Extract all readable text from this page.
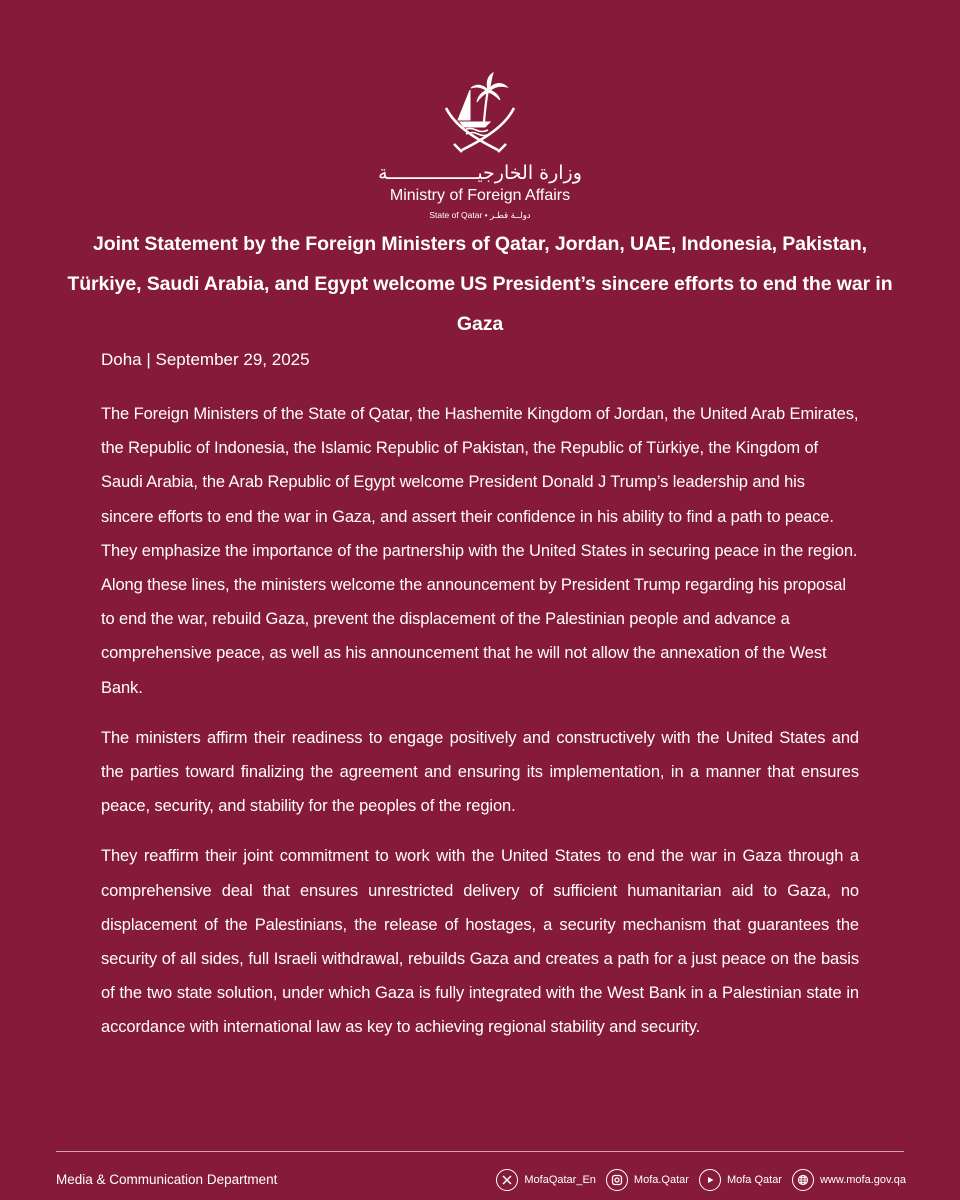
وزارة الخارجيــــــــــــــــة
Ministry of Foreign Affairs
State of Qatar • دولــة قطـر
Joint Statement by the Foreign Ministers of Qatar, Jordan, UAE, Indonesia, Pakistan, Türkiye, Saudi Arabia, and Egypt welcome US President’s sincere efforts to end the war in Gaza
Doha | September 29, 2025

The Foreign Ministers of the State of Qatar, the Hashemite Kingdom of Jordan, the United Arab Emirates, the Republic of Indonesia, the Islamic Republic of Pakistan, the Republic of Türkiye, the Kingdom of Saudi Arabia, the Arab Republic of Egypt welcome President Donald J Trump’s leadership and his sincere efforts to end the war in Gaza, and assert their confidence in his ability to find a path to peace. They emphasize the importance of the partnership with the United States in securing peace in the region. Along these lines, the ministers welcome the announcement by President Trump regarding his proposal to end the war, rebuild Gaza, prevent the displacement of the Palestinian people and advance a comprehensive peace, as well as his announcement that he will not allow the annexation of the West Bank.

The ministers affirm their readiness to engage positively and constructively with the United States and the parties toward finalizing the agreement and ensuring its implementation, in a manner that ensures peace, security, and stability for the peoples of the region.

They reaffirm their joint commitment to work with the United States to end the war in Gaza through a comprehensive deal that ensures unrestricted delivery of sufficient humanitarian aid to Gaza, no displacement of the Palestinians, the release of hostages, a security mechanism that guarantees the security of all sides, full Israeli withdrawal, rebuilds Gaza and creates a path for a just peace on the basis of the two state solution, under which Gaza is fully integrated with the West Bank in a Palestinian state in accordance with international law as key to achieving regional stability and security.

Media & Communication Department	MofaQatar_En	Mofa.Qatar	Mofa Qatar	www.mofa.gov.qa
